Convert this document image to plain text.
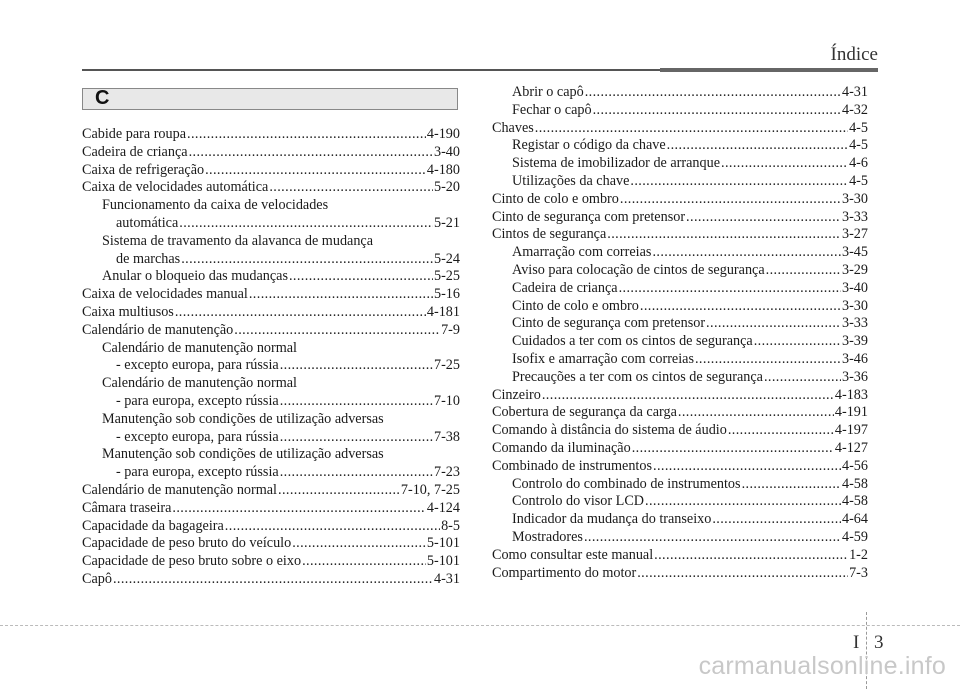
Índice
C
Cabide para roupa .....	4-190
Cadeira de criança .....	3-40
Caixa de refrigeração .....	4-180
Caixa de velocidades automática .....	5-20
Funcionamento da caixa de velocidades
automática .....	5-21
Sistema de travamento da alavanca de mudança
de marchas .....	5-24
Anular o bloqueio das mudanças .....	5-25
Caixa de velocidades manual .....	5-16
Caixa multiusos .....	4-181
Calendário de manutenção .....	7-9
Calendário de manutenção normal
- excepto europa, para rússia .....	7-25
Calendário de manutenção normal
- para europa, excepto rússia .....	7-10
Manutenção sob condições de utilização adversas
- excepto europa, para rússia .....	7-38
Manutenção sob condições de utilização adversas
- para europa, excepto rússia .....	7-23
Calendário de manutenção normal .....	7-10, 7-25
Câmara traseira .....	4-124
Capacidade da bagageira .....	8-5
Capacidade de peso bruto do veículo .....	5-101
Capacidade de peso bruto sobre o eixo .....	5-101
Capô .....	4-31
Abrir o capô .....	4-31
Fechar o capô .....	4-32
Chaves .....	4-5
Registar o código da chave .....	4-5
Sistema de imobilizador de arranque .....	4-6
Utilizações da chave .....	4-5
Cinto de colo e ombro .....	3-30
Cinto de segurança com pretensor .....	3-33
Cintos de segurança .....	3-27
Amarração com correias .....	3-45
Aviso para colocação de cintos de segurança .....	3-29
Cadeira de criança .....	3-40
Cinto de colo e ombro .....	3-30
Cinto de segurança com pretensor .....	3-33
Cuidados a ter com os cintos de segurança .....	3-39
Isofix e amarração com correias .....	3-46
Precauções a ter com os cintos de segurança .....	3-36
Cinzeiro .....	4-183
Cobertura de segurança da carga .....	4-191
Comando à distância do sistema de áudio .....	4-197
Comando da iluminação .....	4-127
Combinado de instrumentos .....	4-56
Controlo do combinado de instrumentos .....	4-58
Controlo do visor LCD .....	4-58
Indicador da mudança do transeixo .....	4-64
Mostradores .....	4-59
Como consultar este manual .....	1-2
Compartimento do motor .....	7-3
I 3
carmanualsonline.info
